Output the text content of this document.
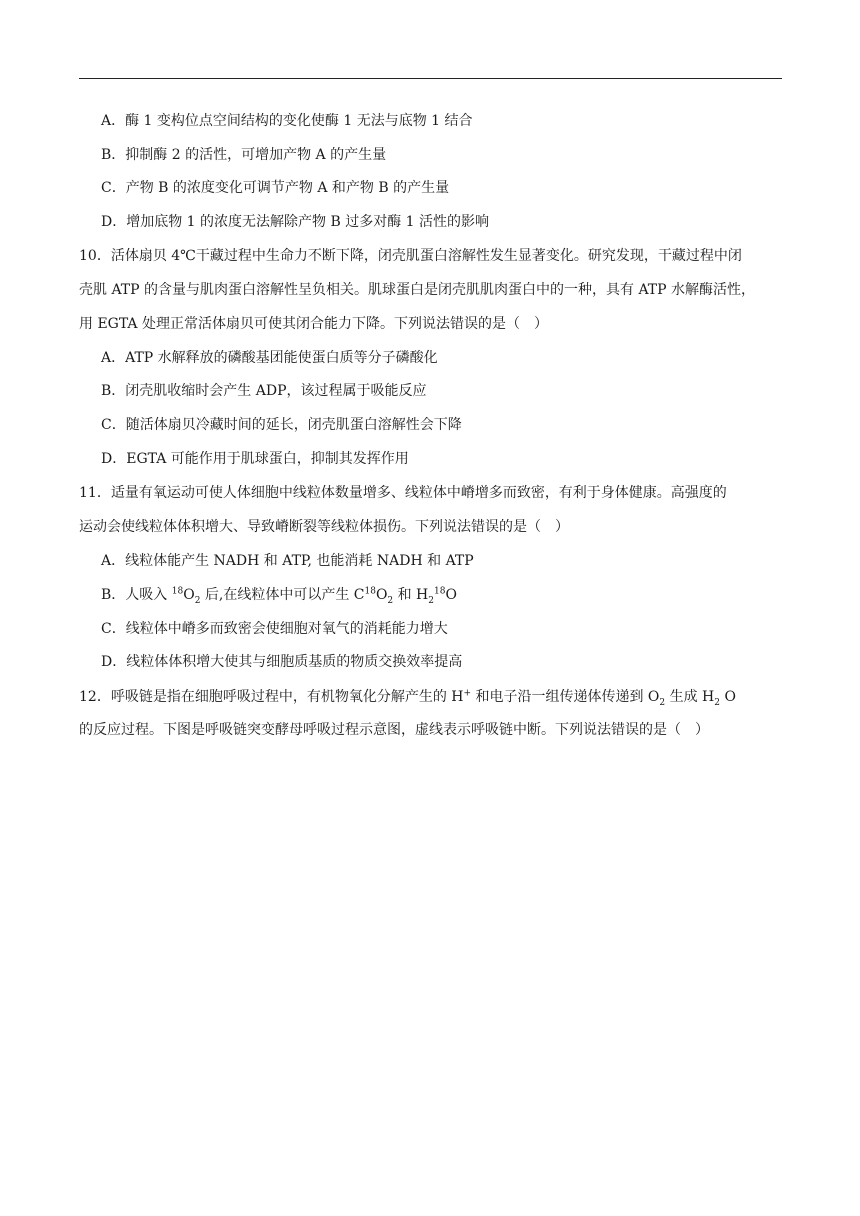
A．酶 1 变构位点空间结构的变化使酶 1 无法与底物 1 结合
B．抑制酶 2 的活性，可增加产物 A 的产生量
C．产物 B 的浓度变化可调节产物 A 和产物 B 的产生量
D．增加底物 1 的浓度无法解除产物 B 过多对酶 1 活性的影响
10．活体扇贝 4℃干藏过程中生命力不断下降，闭壳肌蛋白溶解性发生显著变化。研究发现，干藏过程中闭
壳肌 ATP 的含量与肌肉蛋白溶解性呈负相关。肌球蛋白是闭壳肌肌肉蛋白中的一种，具有 ATP 水解酶活性，
用 EGTA 处理正常活体扇贝可使其闭合能力下降。下列说法错误的是（　）
A．ATP 水解释放的磷酸基团能使蛋白质等分子磷酸化
B．闭壳肌收缩时会产生 ADP，该过程属于吸能反应
C．随活体扇贝冷藏时间的延长，闭壳肌蛋白溶解性会下降
D．EGTA 可能作用于肌球蛋白，抑制其发挥作用
11．适量有氧运动可使人体细胞中线粒体数量增多、线粒体中嵴增多而致密，有利于身体健康。高强度的
运动会使线粒体体积增大、导致嵴断裂等线粒体损伤。下列说法错误的是（　）
A．线粒体能产生 NADH 和 ATP, 也能消耗 NADH 和 ATP
B．人吸入 $^{18}O_2$ 后,在线粒体中可以产生 $C^{18}O_2$ 和 $H_2^{18}O$
C．线粒体中嵴多而致密会使细胞对氧气的消耗能力增大
D．线粒体体积增大使其与细胞质基质的物质交换效率提高
12．呼吸链是指在细胞呼吸过程中，有机物氧化分解产生的 H+ 和电子沿一组传递体传递到 $O_2$ 生成 $H_2$ O
的反应过程。下图是呼吸链突变酵母呼吸过程示意图，虚线表示呼吸链中断。下列说法错误的是（　）
